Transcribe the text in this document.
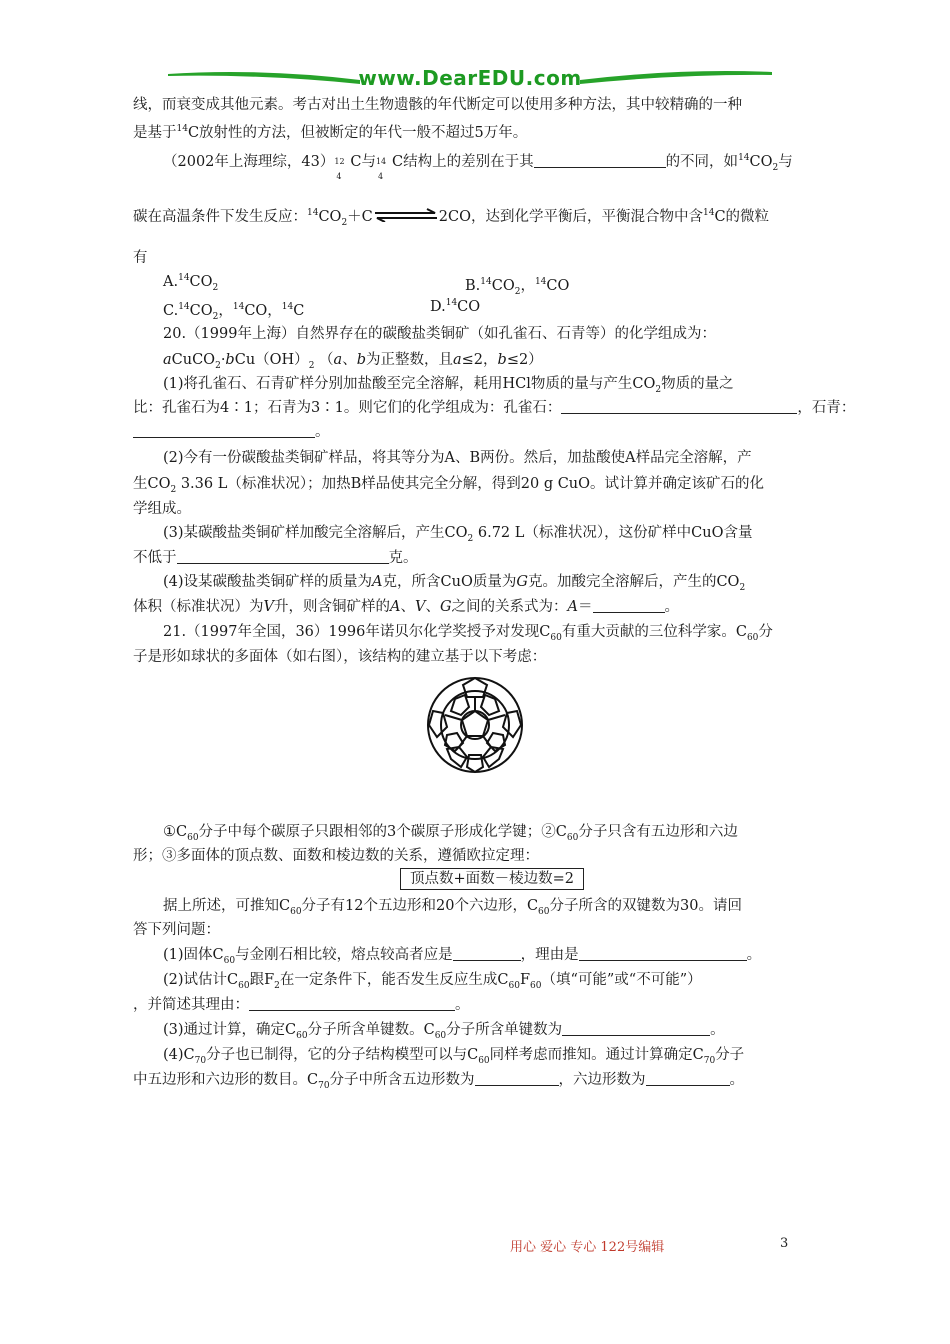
www.DearEDU.com
线，而衰变成其他元素。考古对出土生物遗骸的年代断定可以使用多种方法，其中较精确的一种
是基于$^{14}$C放射性的方法，但被断定的年代一般不超过5万年。
（2002年上海理综，43） 12
4
C与 14
4
C结构上的差别在于其	的不同，如$^{14}CO_2$与
碳在高温条件下发生反应：$^{14}CO_2+C$	2CO，达到化学平衡后，平衡混合物中含$^{14}$C的微粒
有
$A.^{14}CO_2$	$B.^{14}CO_2$，$^{14}$CO
$C.^{14}CO_2$，$^{14}$CO，$^{14}$C	D.$^{14}$CO
20.（1999年上海）自然界存在的碳酸盐类铜矿（如孔雀石、石青等）的化学组成为：
$aCuCO_2\cdot bCu(OH)_2$ （a、b为正整数，且a≤2，b≤2）
(1)将孔雀石、石青矿样分别加盐酸至完全溶解，耗用HCl物质的量与产生$CO_2$物质的量之
比：孔雀石为4∶1；石青为3∶1。则它们的化学组成为：孔雀石：	，石青：
。
(2)今有一份碳酸盐类铜矿样品，将其等分为A、B两份。然后，加盐酸使A样品完全溶解，产
生$CO_2$ 3.36 L（标准状况）；加热B样品使其完全分解，得到20 g CuO。试计算并确定该矿石的化
学组成。
(3)某碳酸盐类铜矿样加酸完全溶解后，产生$CO_2$ 6.72 L（标准状况），这份矿样中CuO含量
不低于	克。
(4)设某碳酸盐类铜矿样的质量为A克，所含CuO质量为G克。加酸完全溶解后，产生的$CO_2$
体积（标准状况）为V升，则含铜矿样的A、V、G之间的关系式为：A＝	。
21.（1997年全国，36）1996年诺贝尔化学奖授予对发现$C_{60}$有重大贡献的三位科学家。$C_{60}$分
子是形如球状的多面体（如右图），该结构的建立基于以下考虑：
$①C_{60}$分子中每个碳原子只跟相邻的3个碳原子形成化学键；$②C_{60}$分子只含有五边形和六边
形；③多面体的顶点数、面数和棱边数的关系，遵循欧拉定理：
顶点数+面数－棱边数=2
据上所述，可推知$C_{60}$分子有12个五边形和20个六边形，$C_{60}$分子所含的双键数为30。请回
答下列问题：
(1)固体$C_{60}$与金刚石相比较，熔点较高者应是	，理由是	。
(2)试估计$C_{60}$跟$F_2$在一定条件下，能否发生反应生成$C_{60}F_{60}$（填“可能”或“不可能”）
，并简述其理由：	。
(3)通过计算，确定$C_{60}$分子所含单键数。$C_{60}$分子所含单键数为	。
$(4)C_{70}$分子也已制得，它的分子结构模型可以与$C_{60}$同样考虑而推知。通过计算确定$C_{70}$分子
中五边形和六边形的数目。$C_{70}$分子中所含五边形数为	，六边形数为	。
用心 爱心 专心 122号编辑	3
